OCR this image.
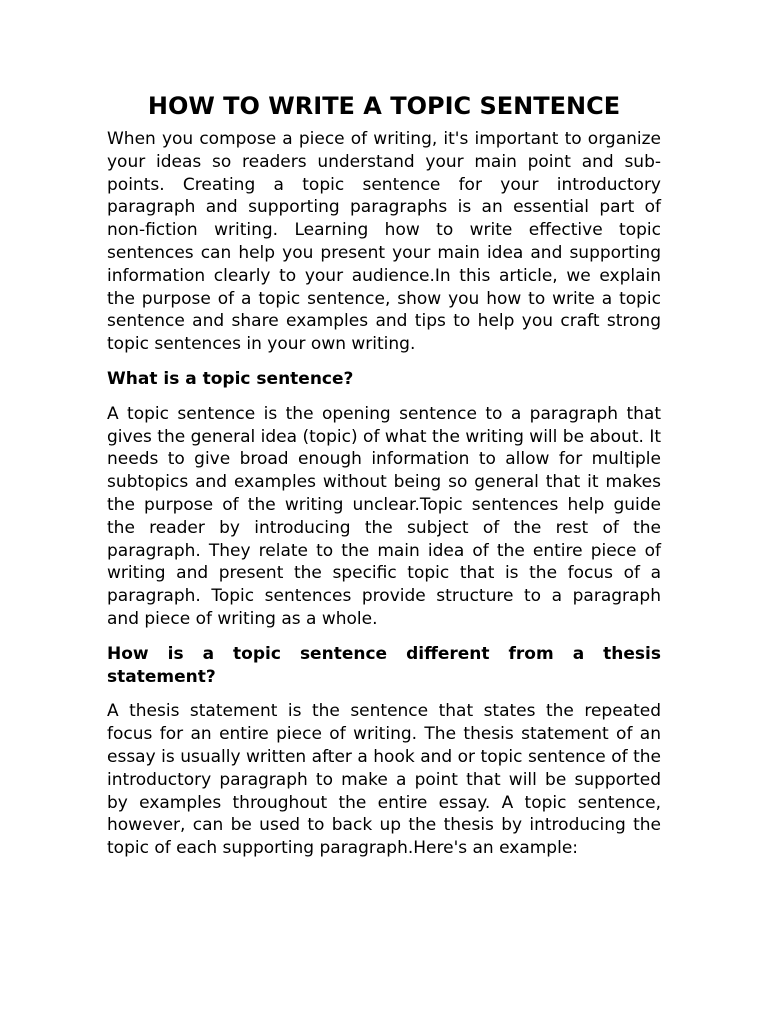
HOW TO WRITE A TOPIC SENTENCE

When you compose a piece of writing, it's important to organize your ideas so readers understand your main point and sub-points. Creating a topic sentence for your introductory paragraph and supporting paragraphs is an essential part of non-fiction writing. Learning how to write effective topic sentences can help you present your main idea and supporting information clearly to your audience.In this article, we explain the purpose of a topic sentence, show you how to write a topic sentence and share examples and tips to help you craft strong topic sentences in your own writing.

What is a topic sentence?

A topic sentence is the opening sentence to a paragraph that gives the general idea (topic) of what the writing will be about. It needs to give broad enough information to allow for multiple subtopics and examples without being so general that it makes the purpose of the writing unclear.Topic sentences help guide the reader by introducing the subject of the rest of the paragraph. They relate to the main idea of the entire piece of writing and present the specific topic that is the focus of a paragraph. Topic sentences provide structure to a paragraph and piece of writing as a whole.

How is a topic sentence different from a thesis statement?

A thesis statement is the sentence that states the repeated focus for an entire piece of writing. The thesis statement of an essay is usually written after a hook and or topic sentence of the introductory paragraph to make a point that will be supported by examples throughout the entire essay. A topic sentence, however, can be used to back up the thesis by introducing the topic of each supporting paragraph.Here's an example:
